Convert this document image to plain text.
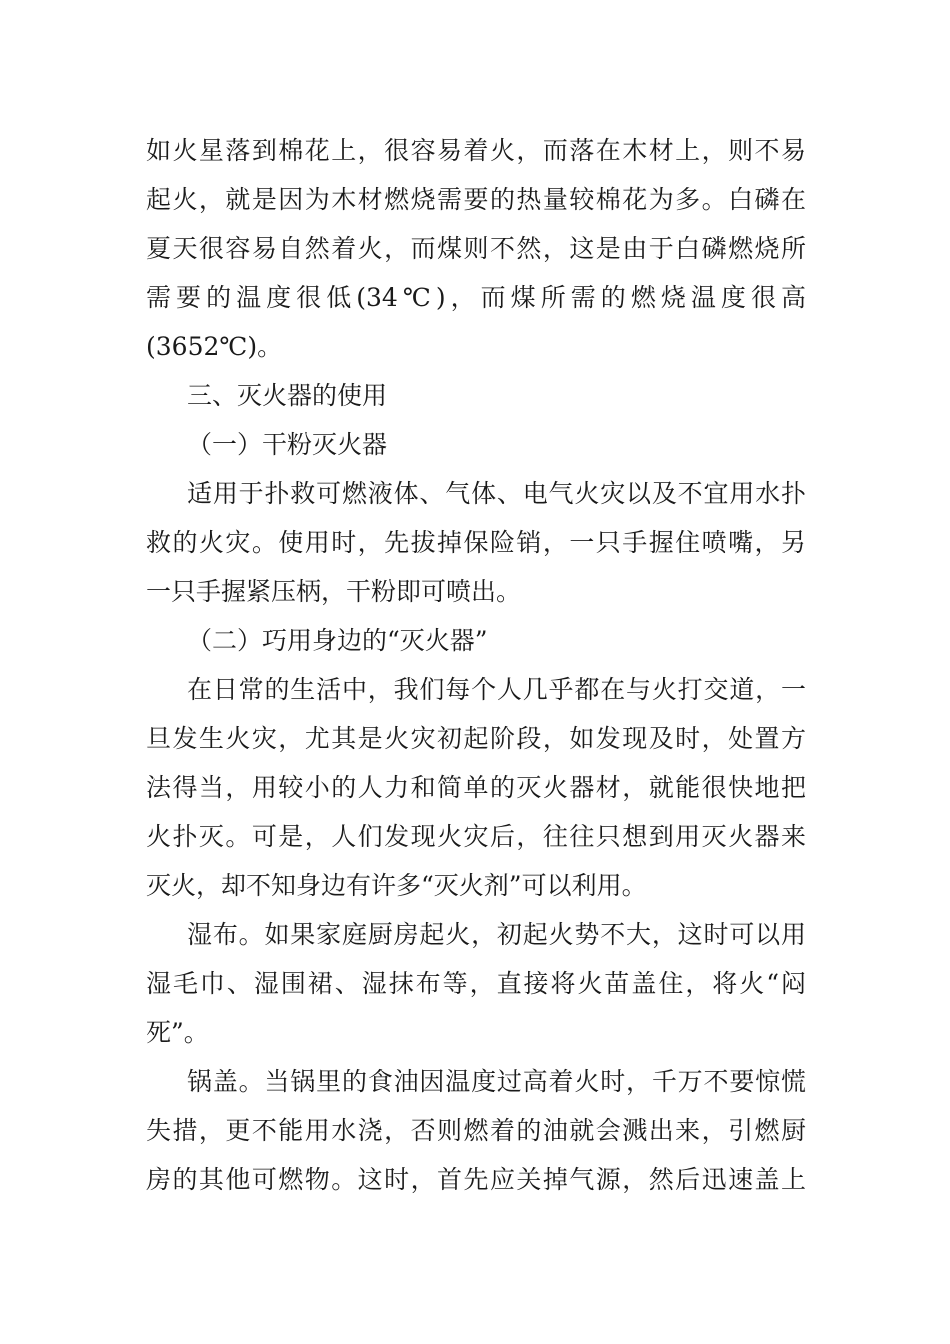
如火星落到棉花上，很容易着火，而落在木材上，则不易
起火，就是因为木材燃烧需要的热量较棉花为多。白磷在
夏天很容易自然着火，而煤则不然，这是由于白磷燃烧所
需要的温度很低(34℃)，而煤所需的燃烧温度很高
(3652℃)。
三、灭火器的使用
（一）干粉灭火器
适用于扑救可燃液体、气体、电气火灾以及不宜用水扑
救的火灾。使用时，先拔掉保险销，一只手握住喷嘴，另
一只手握紧压柄，干粉即可喷出。
（二）巧用身边的“灭火器”
在日常的生活中，我们每个人几乎都在与火打交道，一
旦发生火灾，尤其是火灾初起阶段，如发现及时，处置方
法得当，用较小的人力和简单的灭火器材，就能很快地把
火扑灭。可是，人们发现火灾后，往往只想到用灭火器来
灭火，却不知身边有许多“灭火剂”可以利用。
湿布。如果家庭厨房起火，初起火势不大，这时可以用
湿毛巾、湿围裙、湿抹布等，直接将火苗盖住，将火“闷
死”。
锅盖。当锅里的食油因温度过高着火时，千万不要惊慌
失措，更不能用水浇，否则燃着的油就会溅出来，引燃厨
房的其他可燃物。这时，首先应关掉气源，然后迅速盖上
